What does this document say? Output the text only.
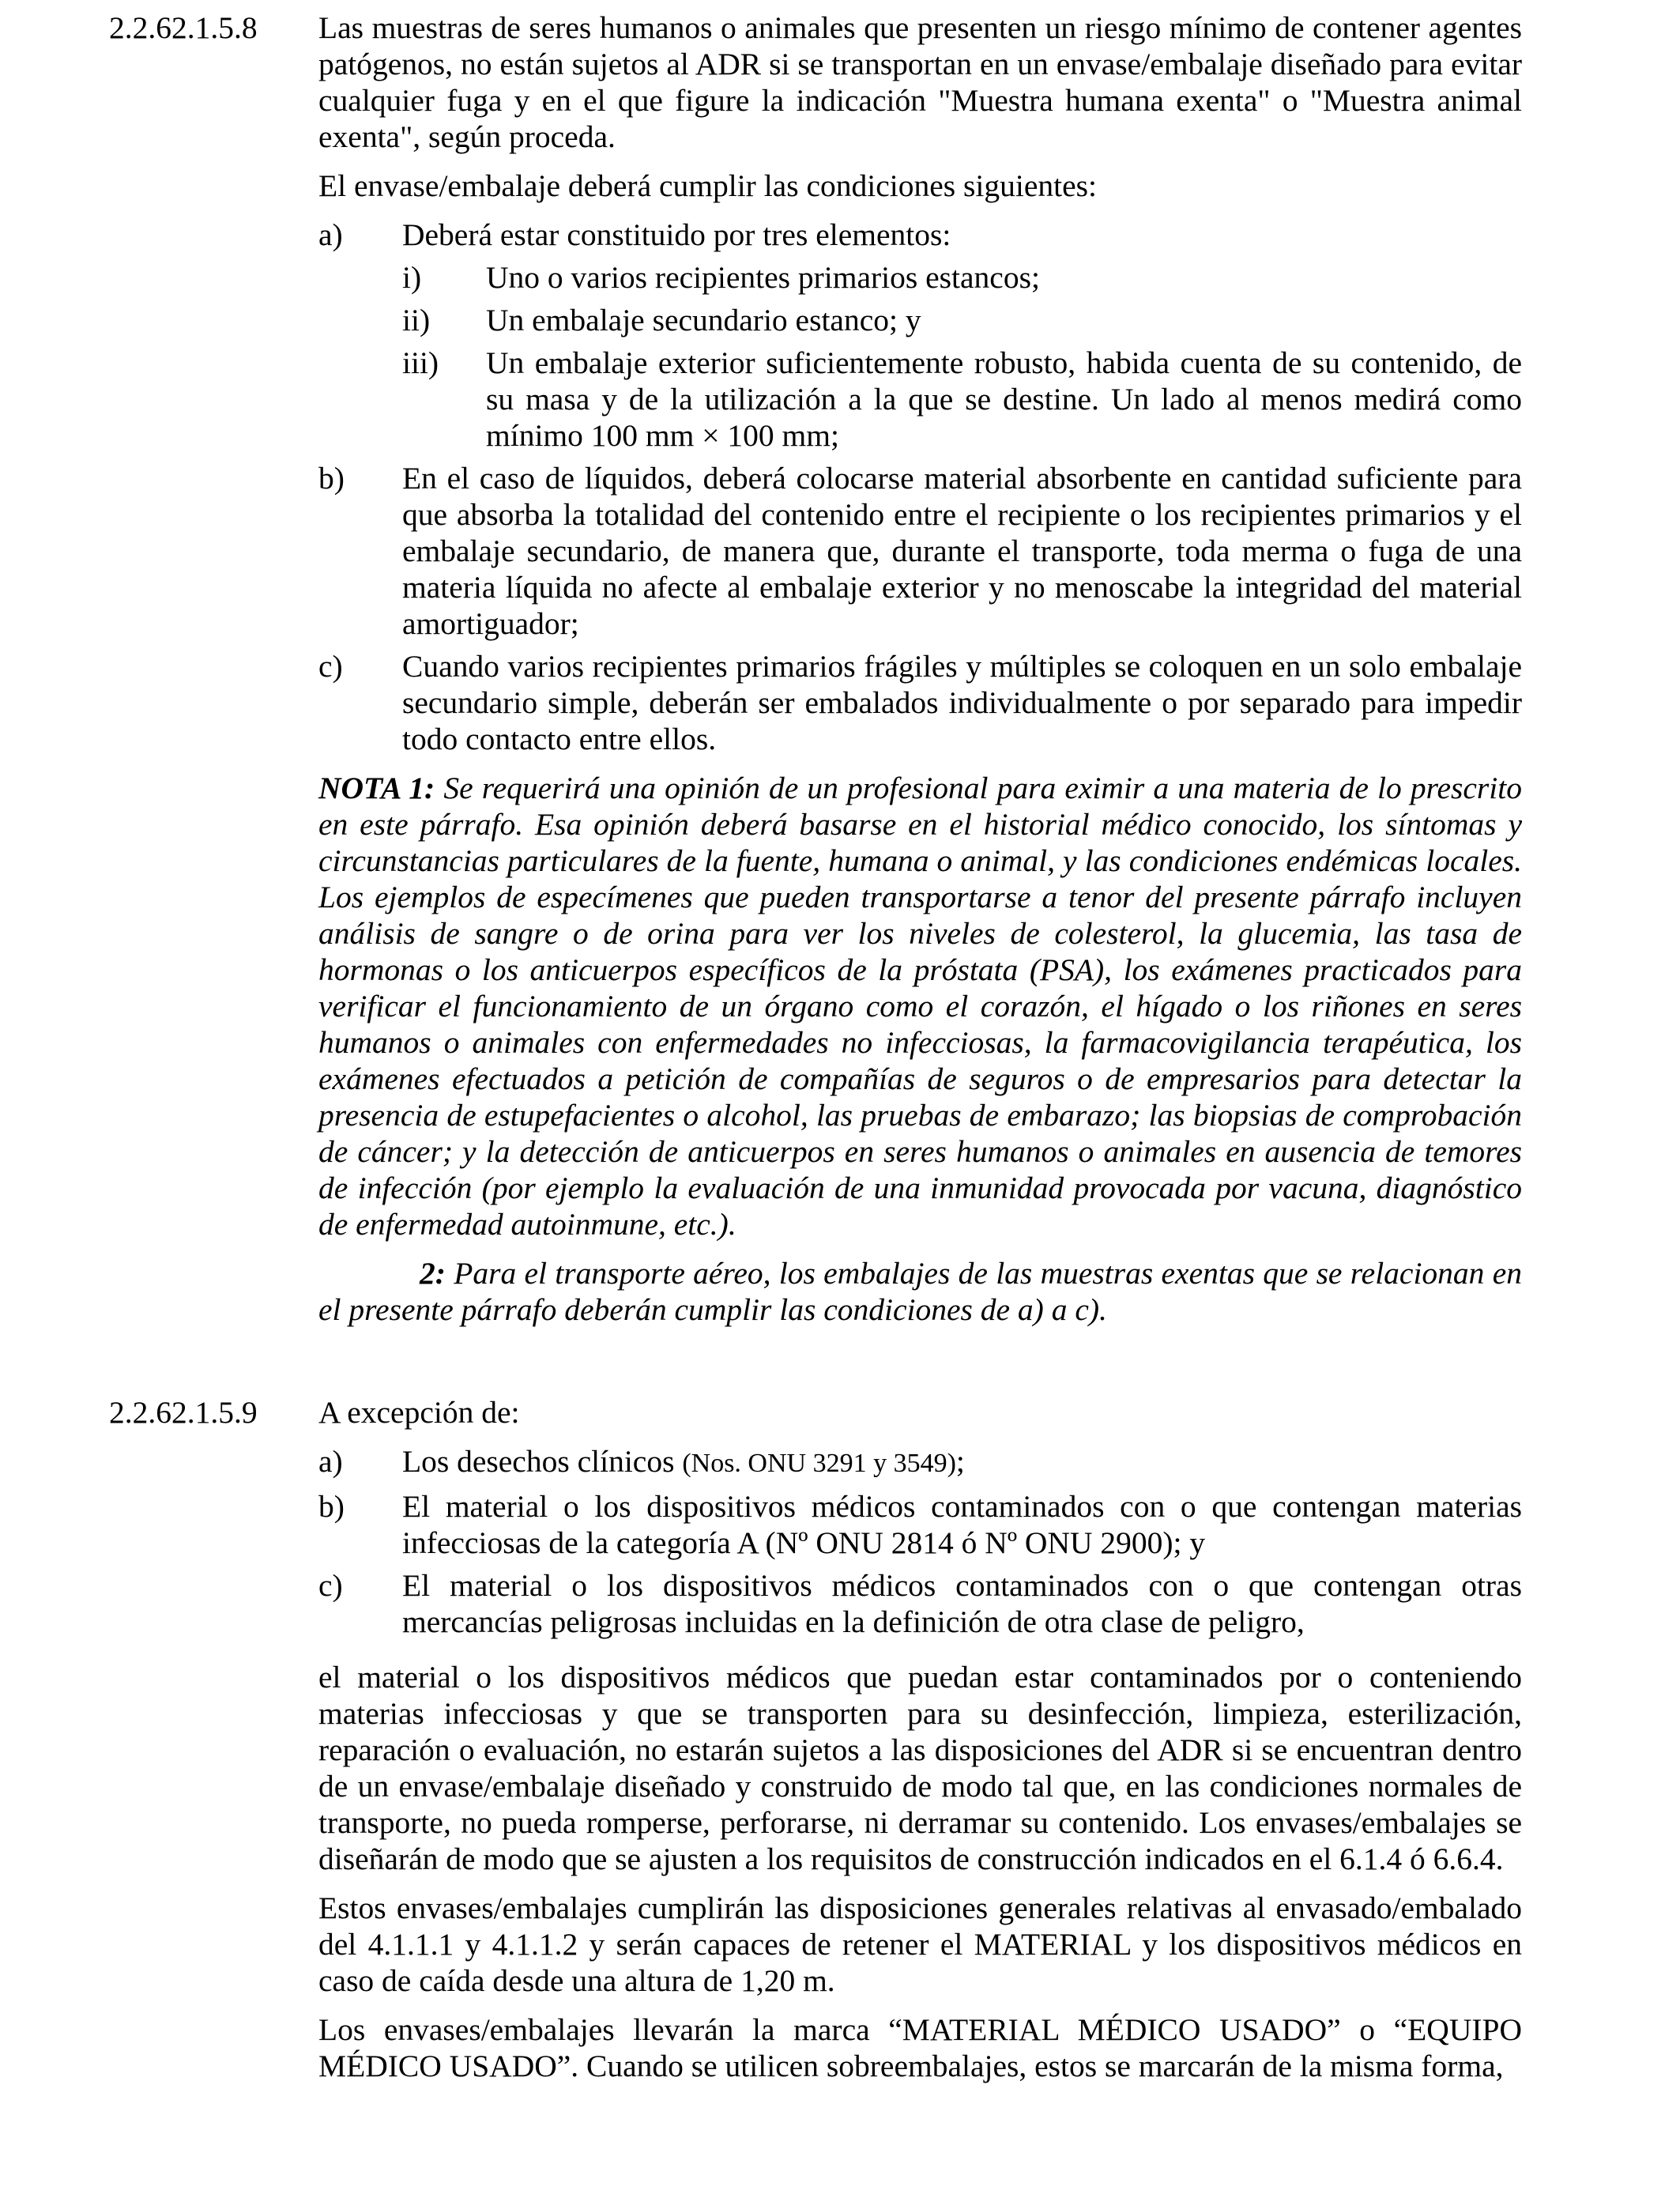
2.2.62.1.5.8	Las muestras de seres humanos o animales que presenten un riesgo mínimo de contener agentes patógenos, no están sujetos al ADR si se transportan en un envase/embalaje diseñado para evitar cualquier fuga y en el que figure la indicación "Muestra humana exenta" o "Muestra animal exenta", según proceda.

El envase/embalaje deberá cumplir las condiciones siguientes:

a) Deberá estar constituido por tres elementos:

i) Uno o varios recipientes primarios estancos;

ii) Un embalaje secundario estanco; y

iii) Un embalaje exterior suficientemente robusto, habida cuenta de su contenido, de su masa y de la utilización a la que se destine. Un lado al menos medirá como mínimo 100 mm × 100 mm;

b) En el caso de líquidos, deberá colocarse material absorbente en cantidad suficiente para que absorba la totalidad del contenido entre el recipiente o los recipientes primarios y el embalaje secundario, de manera que, durante el transporte, toda merma o fuga de una materia líquida no afecte al embalaje exterior y no menoscabe la integridad del material amortiguador;

c) Cuando varios recipientes primarios frágiles y múltiples se coloquen en un solo embalaje secundario simple, deberán ser embalados individualmente o por separado para impedir todo contacto entre ellos.

NOTA 1: Se requerirá una opinión de un profesional para eximir a una materia de lo prescrito en este párrafo. Esa opinión deberá basarse en el historial médico conocido, los síntomas y circunstancias particulares de la fuente, humana o animal, y las condiciones endémicas locales. Los ejemplos de especímenes que pueden transportarse a tenor del presente párrafo incluyen análisis de sangre o de orina para ver los niveles de colesterol, la glucemia, las tasa de hormonas o los anticuerpos específicos de la próstata (PSA), los exámenes practicados para verificar el funcionamiento de un órgano como el corazón, el hígado o los riñones en seres humanos o animales con enfermedades no infecciosas, la farmacovigilancia terapéutica, los exámenes efectuados a petición de compañías de seguros o de empresarios para detectar la presencia de estupefacientes o alcohol, las pruebas de embarazo; las biopsias de comprobación de cáncer; y la detección de anticuerpos en seres humanos o animales en ausencia de temores de infección (por ejemplo la evaluación de una inmunidad provocada por vacuna, diagnóstico de enfermedad autoinmune, etc.).

2: Para el transporte aéreo, los embalajes de las muestras exentas que se relacionan en el presente párrafo deberán cumplir las condiciones de a) a c).

2.2.62.1.5.9	A excepción de:

a) Los desechos clínicos (Nos. ONU 3291 y 3549);

b) El material o los dispositivos médicos contaminados con o que contengan materias infecciosas de la categoría A (Nº ONU 2814 ó Nº ONU 2900); y

c) El material o los dispositivos médicos contaminados con o que contengan otras mercancías peligrosas incluidas en la definición de otra clase de peligro,

el material o los dispositivos médicos que puedan estar contaminados por o conteniendo materias infecciosas y que se transporten para su desinfección, limpieza, esterilización, reparación o evaluación, no estarán sujetos a las disposiciones del ADR si se encuentran dentro de un envase/embalaje diseñado y construido de modo tal que, en las condiciones normales de transporte, no pueda romperse, perforarse, ni derramar su contenido. Los envases/embalajes se diseñarán de modo que se ajusten a los requisitos de construcción indicados en el 6.1.4 ó 6.6.4.

Estos envases/embalajes cumplirán las disposiciones generales relativas al envasado/embalado del 4.1.1.1 y 4.1.1.2 y serán capaces de retener el MATERIAL y los dispositivos médicos en caso de caída desde una altura de 1,20 m.

Los envases/embalajes llevarán la marca “MATERIAL MÉDICO USADO” o “EQUIPO MÉDICO USADO”. Cuando se utilicen sobreembalajes, estos se marcarán de la misma forma,
